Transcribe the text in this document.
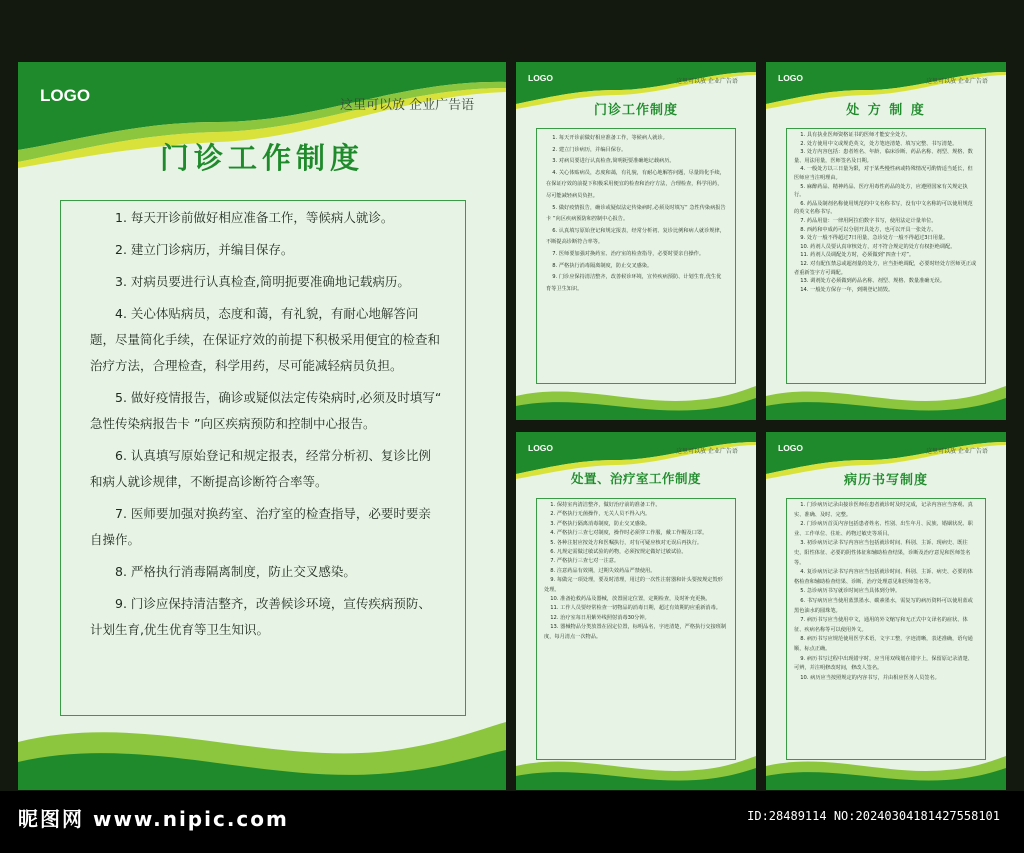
LOGO
这里可以放 企业广告语
门诊工作制度

1. 每天开诊前做好相应准备工作，等候病人就诊。

2. 建立门诊病历，并编目保存。

3. 对病员要进行认真检查,简明扼要准确地记载病历。

4. 关心体贴病员，态度和蔼，有礼貌，有耐心地解答问题，尽量简化手续，在保证疗效的前提下积极采用便宜的检查和治疗方法，合理检查，科学用药，尽可能减轻病员负担。

5. 做好疫情报告，确诊或疑似法定传染病时,必须及时填写“ 急性传染病报告卡 ”向区疾病预防和控制中心报告。

6. 认真填写原始登记和规定报表，经常分析初、复诊比例和病人就诊规律，不断提高诊断符合率等。

7. 医师要加强对换药室、治疗室的检查指导，必要时要亲自操作。

8. 严格执行消毒隔离制度，防止交叉感染。

9. 门诊应保持清洁整齐，改善候诊环境，宣传疾病预防、计划生育,优生优育等卫生知识。

LOGO	这里可以放 企业广告语
门诊工作制度

1. 每天开诊前做好相应准备工作，等候病人就诊。

2. 建立门诊病历，并编目保存。

3. 对病员要进行认真检查,简明扼要准确地记载病历。

4. 关心体贴病员，态度和蔼，有礼貌，有耐心地解答问题，尽量简化手续，在保证疗效的前提下积极采用便宜的检查和治疗方法，合理检查，科学用药，尽可能减轻病员负担。

5. 做好疫情报告，确诊或疑似法定传染病时,必须及时填写“ 急性传染病报告卡 ”向区疾病预防和控制中心报告。

6. 认真填写原始登记和规定报表，经常分析初、复诊比例和病人就诊规律，不断提高诊断符合率等。

7. 医师要加强对换药室、治疗室的检查指导，必要时要亲自操作。

8. 严格执行消毒隔离制度，防止交叉感染。

9. 门诊应保持清洁整齐，改善候诊环境，宣传疾病预防、计划生育,优生优育等卫生知识。

LOGO	这里可以放 企业广告语
处 方 制 度

1. 具有执业医师资格证书的医师才能安全处方。

2. 处方使用中文或规范英文，处方笔迹清楚、填写完整、书写清楚。

3. 处方内容包括：患者姓名、年龄、临床诊断、药品名称、剂型、规格、数量、用法用量，医师签名及日期。

4. 一般处方以三日量为限，对于某些慢性病或特殊情况可酌情适当延长，但医师应当注明理由。

5. 麻醉药品、精神药品、医疗用毒性药品的处方，应遵照国家有关规定执行。

6. 药品及制剂名称使用规范的中文名称书写，没有中文名称的可以使用规范的英文名称书写。

7. 药品用量：一律用阿拉伯数字书写，使用法定计量单位。

8. 西药和中成药可以分别开具处方，也可以开具一张处方。

9. 处方一般不得超过7日用量，急诊处方一般不得超过3日用量。

10. 药剂人员要认真审核处方，对不符合规定的处方有权拒绝调配。

11. 药剂人员调配处方时，必须做到“四查十对”。

12. 对有配伍禁忌或超剂量的处方，应当拒绝调配，必要时经处方医师更正或者重新签字方可调配。

13. 调剂处方必须做到药品名称、剂型、规格、数量准确无误。

14. 一般处方保存一年，到期登记销毁。

LOGO	这里可以放 企业广告语
处置、治疗室工作制度

1. 保持室内清洁整齐，做好治疗前的准备工作。

2. 严格执行无菌操作，无关人员不得入内。

3. 严格执行隔离消毒制度，防止交叉感染。

4. 严格执行三查七对制度，操作时必须穿工作服，戴工作帽及口罩。

5. 各种注射应按处方和医嘱执行，对有可疑应核对无误后再执行。

6. 凡规定需做过敏试验的药物，必须按规定做好过敏试验。

7. 严格执行三查七对一注意。

8. 注意药品有效期，过期失效药品严禁使用。

9. 每做完一项处理，要及时清理，用过的一次性注射器和针头要按规定毁形处理。

10. 准备抢救药品及器械，放置固定位置，定期检查，及时补充更换。

11. 工作人员要经常检查一切物品的消毒日期，超过有效期的应重新消毒。

12. 治疗室每日用紫外线照射消毒30分钟。

13. 器械物品分类放置在固定位置，标明品名，字迹清楚，严格执行交接班制度，每月清点一次物品。

LOGO	这里可以放 企业广告语
病历书写制度

1. 门诊病历记录由接诊医师在患者就诊时及时完成，记录内容应当客观、真实、准确、及时、完整。

2. 门诊病历首页内容包括患者姓名、性别、出生年月、民族、婚姻状况、职业、工作单位、住址、药物过敏史等项目。

3. 初诊病历记录书写内容应当包括就诊时间、科别、主诉、现病史、既往史，阳性体征、必要的阴性体征和辅助检查结果，诊断及治疗意见和医师签名等。

4. 复诊病历记录书写内容应当包括就诊时间、科别、主诉、病史、必要的体格检查和辅助检查结果、诊断、治疗处理意见和医师签名等。

5. 急诊病历书写就诊时间应当具体到分钟。

6. 书写病历应当使用蓝黑墨水、碳素墨水，需复写的病历资料可以使用蓝或黑色油水的圆珠笔。

7. 病历书写应当使用中文，通用的外文缩写和无正式中文译名的症状、体征、疾病名称等可以使用外文。

8. 病历书写应规范使用医学术语，文字工整，字迹清晰，表述准确，语句通顺，标点正确。

9. 病历书写过程中出现错字时，应当用双线划在错字上，保留原记录清楚、可辨，并注明修改时间，修改人签名。

10. 病历应当按照规定的内容书写，并由相应医务人员签名。

昵图网 www.nipic.com	ID:28489114 NO:20240304181427558101
